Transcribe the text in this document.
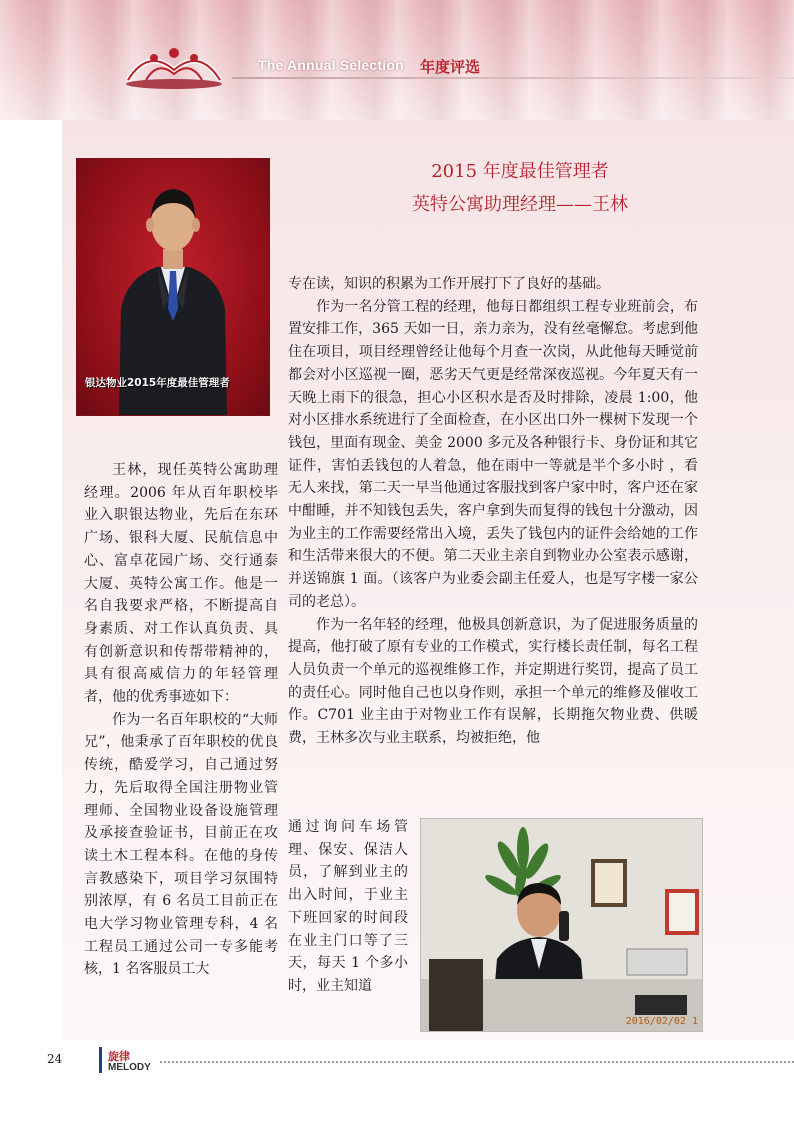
The Annual Selection 年度评选
银达物业2015年度最佳管理者
2015 年度最佳管理者
英特公寓助理经理——王林

王林，现任英特公寓助理经理。2006 年从百年职校毕业入职银达物业，先后在东环广场、银科大厦、民航信息中心、富卓花园广场、交行通泰大厦、英特公寓工作。他是一名自我要求严格，不断提高自身素质、对工作认真负责、具有创新意识和传帮带精神的，具有很高威信力的年轻管理者，他的优秀事迹如下：

作为一名百年职校的“大师兄”，他秉承了百年职校的优良传统，酷爱学习，自己通过努力，先后取得全国注册物业管理师、全国物业设备设施管理及承接查验证书，目前正在攻读土木工程本科。在他的身传言教感染下，项目学习氛围特别浓厚，有 6 名员工目前正在电大学习物业管理专科，4 名工程员工通过公司一专多能考核，1 名客服员工大

专在读，知识的积累为工作开展打下了良好的基础。

作为一名分管工程的经理，他每日都组织工程专业班前会，布置安排工作，365 天如一日，亲力亲为，没有丝毫懈怠。考虑到他住在项目，项目经理曾经让他每个月查一次岗，从此他每天睡觉前都会对小区巡视一圈，恶劣天气更是经常深夜巡视。今年夏天有一天晚上雨下的很急，担心小区积水是否及时排除，凌晨 1:00，他对小区排水系统进行了全面检查，在小区出口外一棵树下发现一个钱包，里面有现金、美金 2000 多元及各种银行卡、身份证和其它证件，害怕丢钱包的人着急，他在雨中一等就是半个多小时 ，看无人来找，第二天一早当他通过客服找到客户家中时，客户还在家中酣睡，并不知钱包丢失，客户拿到失而复得的钱包十分激动，因为业主的工作需要经常出入境，丢失了钱包内的证件会给她的工作和生活带来很大的不便。第二天业主亲自到物业办公室表示感谢，并送锦旗 1 面。（该客户为业委会副主任爱人，也是写字楼一家公司的老总）。

作为一名年轻的经理，他极具创新意识，为了促进服务质量的提高，他打破了原有专业的工作模式，实行楼长责任制，每名工程人员负责一个单元的巡视维修工作，并定期进行奖罚，提高了员工的责任心。同时他自己也以身作则，承担一个单元的维修及催收工作。C701 业主由于对物业工作有误解，长期拖欠物业费、供暖费，王林多次与业主联系，均被拒绝，他

通过询问车场管理、保安、保洁人员，了解到业主的出入时间，于业主下班回家的时间段在业主门口等了三天，每天 1 个多小时，业主知道

2016/02/02 1
24	旋律
MELODY
